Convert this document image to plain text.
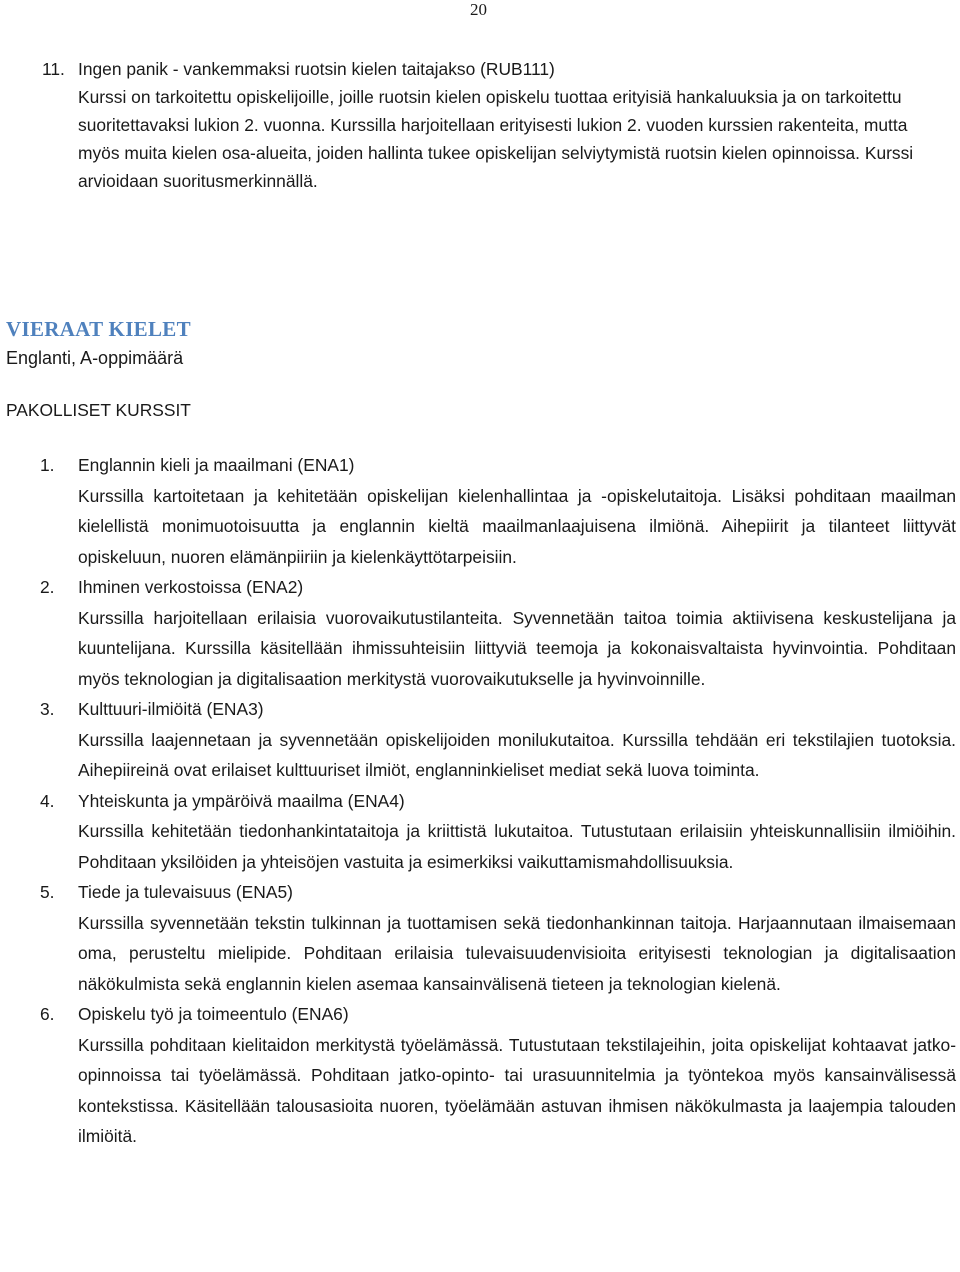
20
11. Ingen panik - vankemmaksi ruotsin kielen taitajakso (RUB111)
Kurssi on tarkoitettu opiskelijoille, joille ruotsin kielen opiskelu tuottaa erityisiä hankaluuksia ja on tarkoitettu suoritettavaksi lukion 2. vuonna. Kurssilla harjoitellaan erityisesti lukion 2. vuoden kurssien rakenteita, mutta myös muita kielen osa-alueita, joiden hallinta tukee opiskelijan selviytymistä ruotsin kielen opinnoissa. Kurssi arvioidaan suoritusmerkinnällä.
VIERAAT KIELET
Englanti, A-oppimäärä
PAKOLLISET KURSSIT
1. Englannin kieli ja maailmani (ENA1)
Kurssilla kartoitetaan ja kehitetään opiskelijan kielenhallintaa ja -opiskelutaitoja. Lisäksi pohditaan maailman kielellistä monimuotoisuutta ja englannin kieltä maailmanlaajuisena ilmiönä. Aihepiirit ja tilanteet liittyvät opiskeluun, nuoren elämänpiiriin ja kielenkäyttötarpeisiin.
2. Ihminen verkostoissa (ENA2)
Kurssilla harjoitellaan erilaisia vuorovaikutustilanteita. Syvennetään taitoa toimia aktiivisena keskustelijana ja kuuntelijana. Kurssilla käsitellään ihmissuhteisiin liittyviä teemoja ja kokonaisvaltaista hyvinvointia. Pohditaan myös teknologian ja digitalisaation merkitystä vuorovaikutukselle ja hyvinvoinnille.
3. Kulttuuri-ilmiöitä (ENA3)
Kurssilla laajennetaan ja syvennetään opiskelijoiden monilukutaitoa. Kurssilla tehdään eri tekstilajien tuotoksia. Aihepiireinä ovat erilaiset kulttuuriset ilmiöt, englanninkieliset mediat sekä luova toiminta.
4. Yhteiskunta ja ympäröivä maailma (ENA4)
Kurssilla kehitetään tiedonhankintataitoja ja kriittistä lukutaitoa. Tutustutaan erilaisiin yhteiskunnallisiin ilmiöihin. Pohditaan yksilöiden ja yhteisöjen vastuita ja esimerkiksi vaikuttamismahdollisuuksia.
5. Tiede ja tulevaisuus (ENA5)
Kurssilla syvennetään tekstin tulkinnan ja tuottamisen sekä tiedonhankinnan taitoja. Harjaannutaan ilmaisemaan oma, perusteltu mielipide. Pohditaan erilaisia tulevaisuudenvisioita erityisesti teknologian ja digitalisaation näkökulmista sekä englannin kielen asemaa kansainvälisenä tieteen ja teknologian kielenä.
6. Opiskelu työ ja toimeentulo (ENA6)
Kurssilla pohditaan kielitaidon merkitystä työelämässä. Tutustutaan tekstilajeihin, joita opiskelijat kohtaavat jatko-opinnoissa tai työelämässä. Pohditaan jatko-opinto- tai urasuunnitelmia ja työntekoa myös kansainvälisessä kontekstissa. Käsitellään talousasioita nuoren, työelämään astuvan ihmisen näkökulmasta ja laajempia talouden ilmiöitä.
